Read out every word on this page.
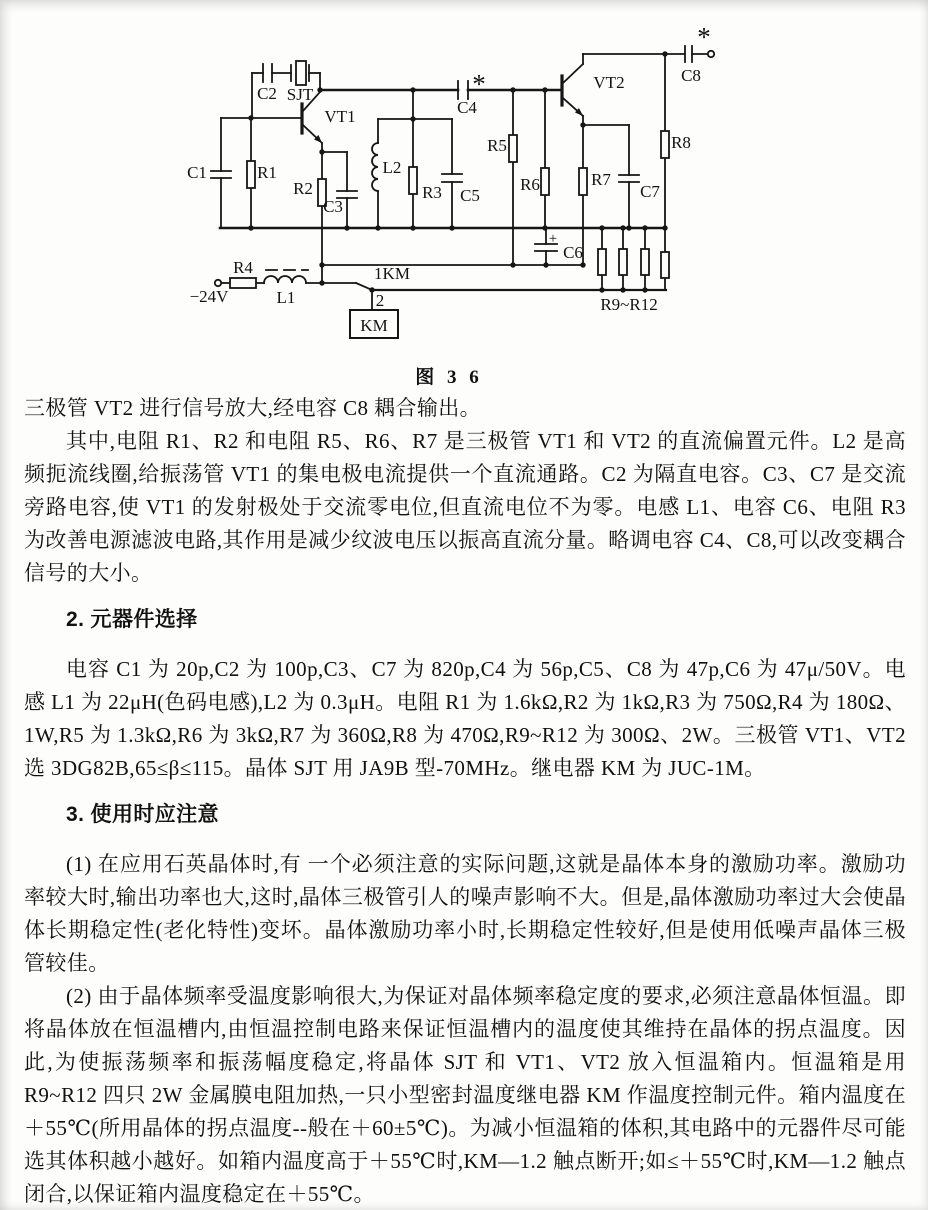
C1	R1
C2 SJT
VT1
R2
C3
L2
R3 C5
C4
*
R5
R6
VT2
R7
C7
R8
C8
*
C6
+
R4
−24V	L1
1KM
2
KM
R9~R12
图 3 6

三极管 VT2 进行信号放大,经电容 C8 耦合输出。

其中,电阻 R1、R2 和电阻 R5、R6、R7 是三极管 VT1 和 VT2 的直流偏置元件。L2 是高频扼流线圈,给振荡管 VT1 的集电极电流提供一个直流通路。C2 为隔直电容。C3、C7 是交流旁路电容,使 VT1 的发射极处于交流零电位,但直流电位不为零。电感 L1、电容 C6、电阻 R3 为改善电源滤波电路,其作用是减少纹波电压以振高直流分量。略调电容 C4、C8,可以改变耦合信号的大小。

2. 元器件选择

电容 C1 为 20p,C2 为 100p,C3、C7 为 820p,C4 为 56p,C5、C8 为 47p,C6 为 47μ/50V。电感 L1 为 22μH(色码电感),L2 为 0.3μH。电阻 R1 为 1.6kΩ,R2 为 1kΩ,R3 为 750Ω,R4 为 180Ω、1W,R5 为 1.3kΩ,R6 为 3kΩ,R7 为 360Ω,R8 为 470Ω,R9~R12 为 300Ω、2W。三极管 VT1、VT2 选 3DG82B,65≤β≤115。晶体 SJT 用 JA9B 型-70MHz。继电器 KM 为 JUC-1M。

3. 使用时应注意

(1) 在应用石英晶体时,有 一个必须注意的实际问题,这就是晶体本身的激励功率。激励功率较大时,输出功率也大,这时,晶体三极管引人的噪声影响不大。但是,晶体激励功率过大会使晶体长期稳定性(老化特性)变坏。晶体激励功率小时,长期稳定性较好,但是使用低噪声晶体三极管较佳。

(2) 由于晶体频率受温度影响很大,为保证对晶体频率稳定度的要求,必须注意晶体恒温。即将晶体放在恒温槽内,由恒温控制电路来保证恒温槽内的温度使其维持在晶体的拐点温度。因此,为使振荡频率和振荡幅度稳定,将晶体 SJT 和 VT1、VT2 放入恒温箱内。恒温箱是用 R9~R12 四只 2W 金属膜电阻加热,一只小型密封温度继电器 KM 作温度控制元件。箱内温度在＋55℃(所用晶体的拐点温度--般在＋60±5℃)。为减小恒温箱的体积,其电路中的元器件尽可能选其体积越小越好。如箱内温度高于＋55℃时,KM—1.2 触点断开;如≤＋55℃时,KM—1.2 触点闭合,以保证箱内温度稳定在＋55℃。
